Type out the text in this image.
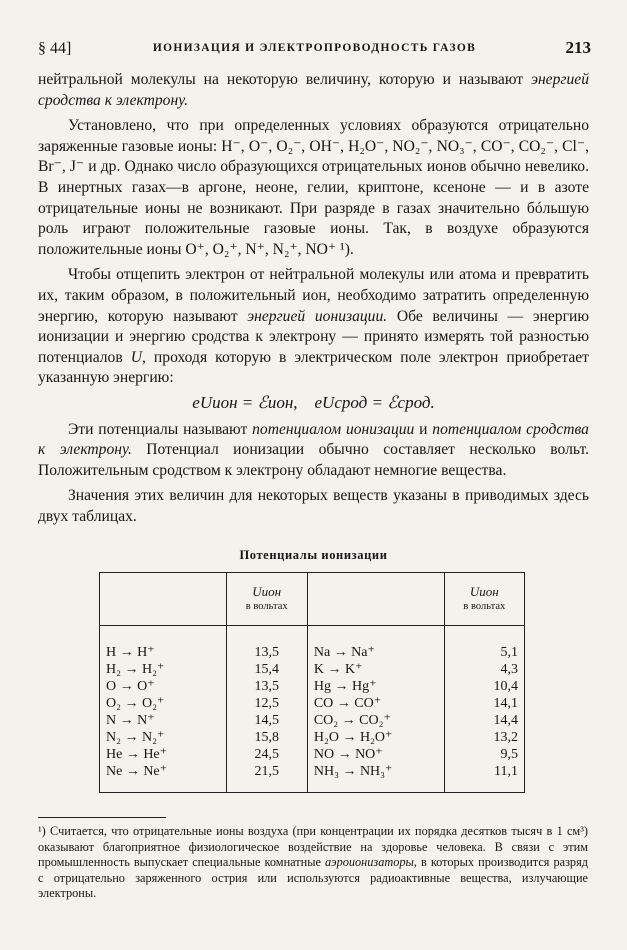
§ 44]	ИОНИЗАЦИЯ И ЭЛЕКТРОПРОВОДНОСТЬ ГАЗОВ	213

нейтральной молекулы на некоторую величину, которую и называют энергией сродства к электрону.

Установлено, что при определенных условиях образуются отрицательно заряженные газовые ионы: H⁻, O⁻, O₂⁻, OH⁻, H₂O⁻, NO₂⁻, NO₃⁻, CO⁻, CO₂⁻, Cl⁻, Br⁻, J⁻ и др. Однако число образующихся отрицательных ионов обычно невелико. В инертных газах—в аргоне, неоне, гелии, криптоне, ксеноне — и в азоте отрицательные ионы не возникают. При разряде в газах значительно бóльшую роль играют положительные газовые ионы. Так, в воздухе образуются положительные ионы O⁺, O₂⁺, N⁺, N₂⁺, NO⁺ ¹).

Чтобы отщепить электрон от нейтральной молекулы или атома и превратить их, таким образом, в положительный ион, необходимо затратить определенную энергию, которую называют энергией ионизации. Обе величины — энергию ионизации и энергию сродства к электрону — принято измерять той разностью потенциалов U, проходя которую в электрическом поле электрон приобретает указанную энергию:

eUион = ℰион, eUсрод = ℰсрод.

Эти потенциалы называют потенциалом ионизации и потенциалом сродства к электрону. Потенциал ионизации обычно составляет несколько вольт. Положительным сродством к электрону обладают немногие вещества.

Значения этих величин для некоторых веществ указаны в приводимых здесь двух таблицах.

Потенциалы ионизации
	Uион
в вольтах		Uион
в вольтах
H → H⁺	13,5	Na → Na⁺	5,1
H₂ → H₂⁺	15,4	K → K⁺	4,3
O → O⁺	13,5	Hg → Hg⁺	10,4
O₂ → O₂⁺	12,5	CO → CO⁺	14,1
N → N⁺	14,5	CO₂ → CO₂⁺	14,4
N₂ → N₂⁺	15,8	H₂O → H₂O⁺	13,2
He → He⁺	24,5	NO → NO⁺	9,5
Ne → Ne⁺	21,5	NH₃ → NH₃⁺	11,1
¹) Считается, что отрицательные ионы воздуха (при концентрации их порядка десятков тысяч в 1 см³) оказывают благоприятное физиологическое воздействие на здоровье человека. В связи с этим промышленность выпускает специальные комнатные аэроионизаторы, в которых производится разряд с отрицательно заряженного острия или используются радиоактивные вещества, излучающие электроны.
